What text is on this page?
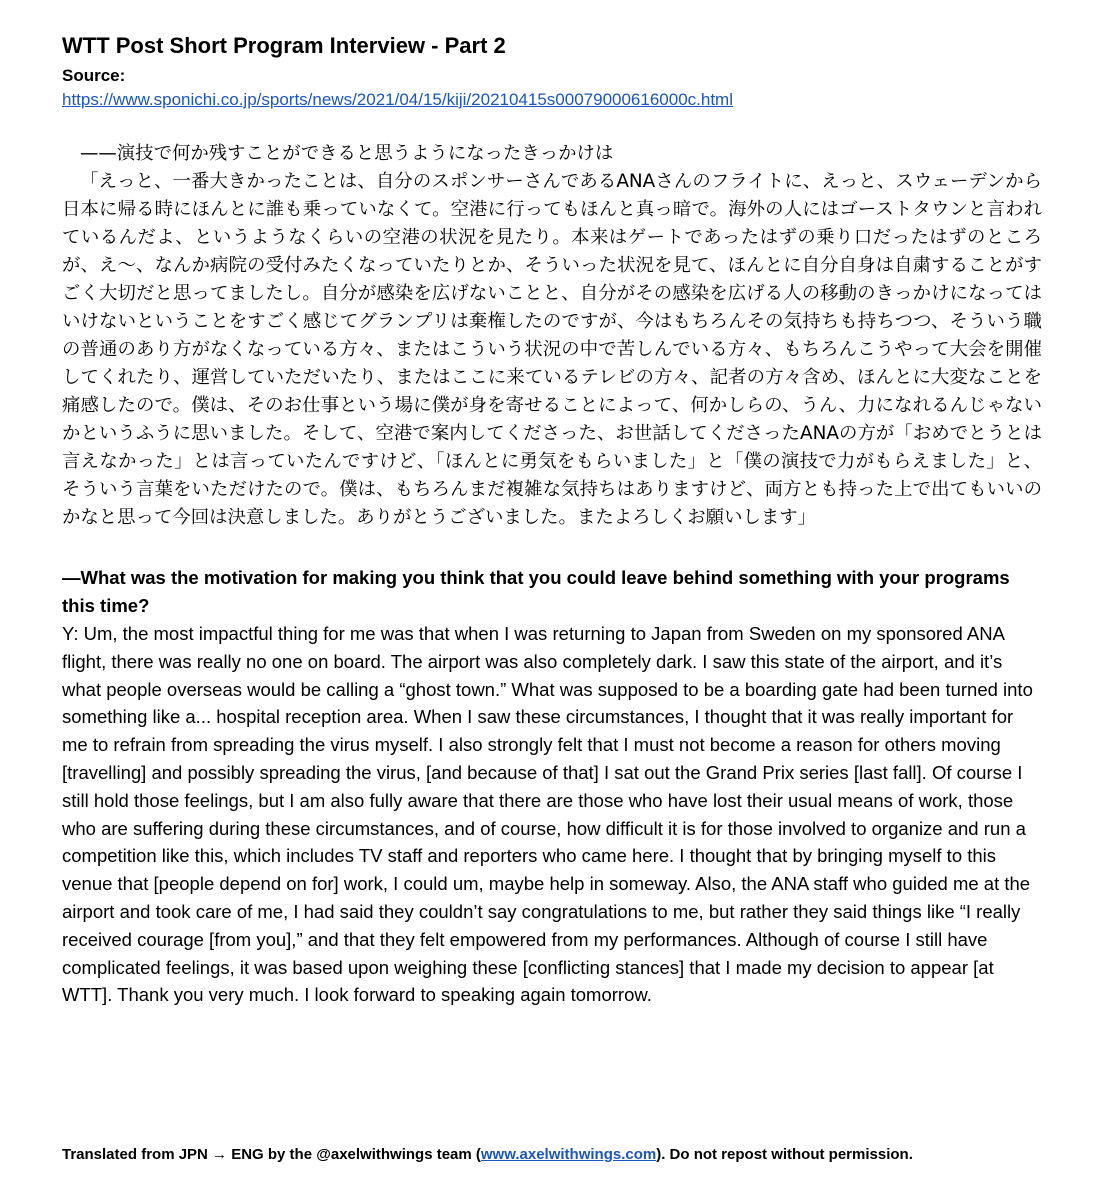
WTT Post Short Program Interview - Part 2
Source:
https://www.sponichi.co.jp/sports/news/2021/04/15/kiji/20210415s00079000616000c.html
——演技で何か残すことができると思うようになったきっかけは
「えっと、一番大きかったことは、自分のスポンサーさんであるANAさんのフライトに、えっと、スウェーデンから日本に帰る時にほんとに誰も乗っていなくて。空港に行ってもほんと真っ暗で。海外の人にはゴーストタウンと言われているんだよ、というようなくらいの空港の状況を見たり。本来はゲートであったはずの乗り口だったはずのところが、え〜、なんか病院の受付みたくなっていたりとか、そういった状況を見て、ほんとに自分自身は自粛することがすごく大切だと思ってましたし。自分が感染を広げないことと、自分がその感染を広げる人の移動のきっかけになってはいけないということをすごく感じてグランプリは棄権したのですが、今はもちろんその気持ちも持ちつつ、そういう職の普通のあり方がなくなっている方々、またはこういう状況の中で苦しんでいる方々、もちろんこうやって大会を開催してくれたり、運営していただいたり、またはここに来ているテレビの方々、記者の方々含め、ほんとに大変なことを痛感したので。僕は、そのお仕事という場に僕が身を寄せることによって、何かしらの、うん、力になれるんじゃないかというふうに思いました。そして、空港で案内してくださった、お世話してくださったANAの方が「おめでとうとは言えなかった」とは言っていたんですけど、「ほんとに勇気をもらいました」と「僕の演技で力がもらえました」と、そういう言葉をいただけたので。僕は、もちろんまだ複雑な気持ちはありますけど、両方とも持った上で出てもいいのかなと思って今回は決意しました。ありがとうございました。またよろしくお願いします」
—What was the motivation for making you think that you could leave behind something with your programs this time?
Y: Um, the most impactful thing for me was that when I was returning to Japan from Sweden on my sponsored ANA flight, there was really no one on board. The airport was also completely dark. I saw this state of the airport, and it’s what people overseas would be calling a “ghost town.” What was supposed to be a boarding gate had been turned into something like a... hospital reception area. When I saw these circumstances, I thought that it was really important for me to refrain from spreading the virus myself. I also strongly felt that I must not become a reason for others moving [travelling] and possibly spreading the virus, [and because of that] I sat out the Grand Prix series [last fall]. Of course I still hold those feelings, but I am also fully aware that there are those who have lost their usual means of work, those who are suffering during these circumstances, and of course, how difficult it is for those involved to organize and run a competition like this, which includes TV staff and reporters who came here. I thought that by bringing myself to this venue that [people depend on for] work, I could um, maybe help in someway. Also, the ANA staff who guided me at the airport and took care of me, I had said they couldn’t say congratulations to me, but rather they said things like “I really received courage [from you],” and that they felt empowered from my performances. Although of course I still have complicated feelings, it was based upon weighing these [conflicting stances] that I made my decision to appear [at WTT]. Thank you very much. I look forward to speaking again tomorrow.
Translated from JPN → ENG by the @axelwithwings team (www.axelwithwings.com). Do not repost without permission.
